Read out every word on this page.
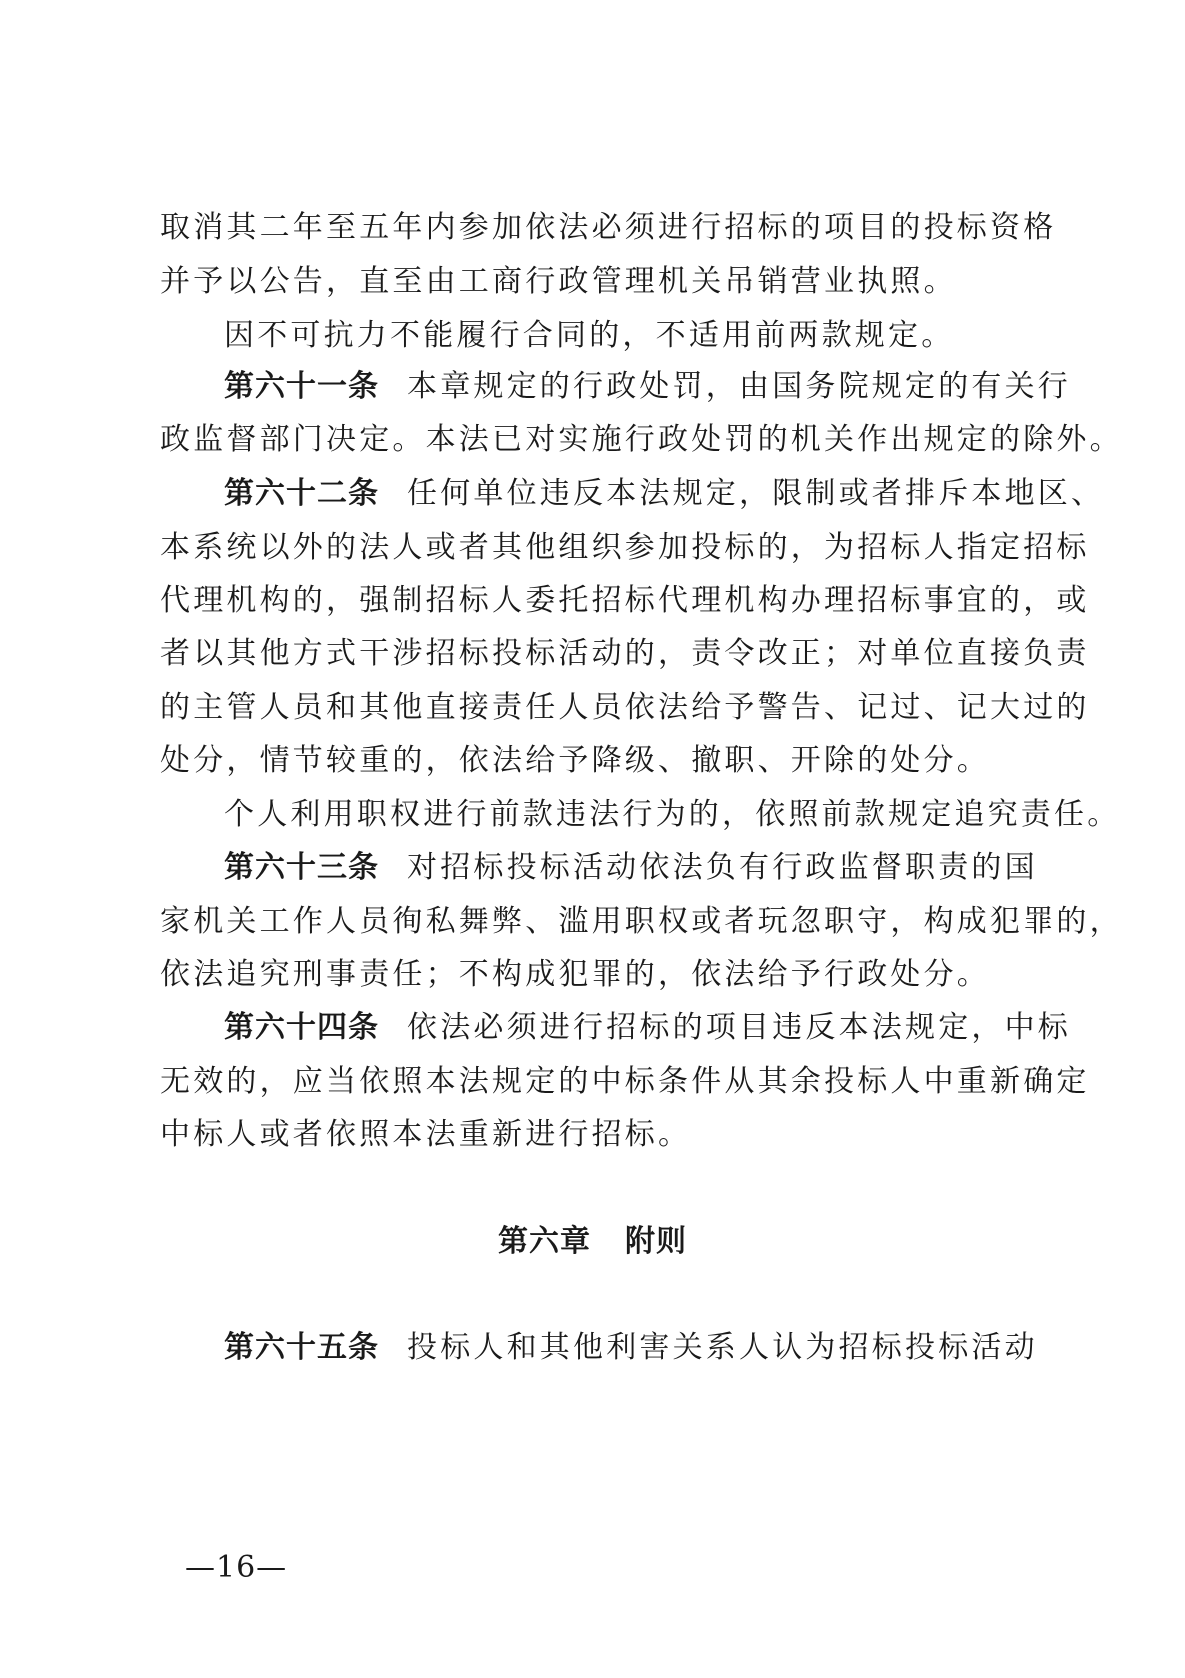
取消其二年至五年内参加依法必须进行招标的项目的投标资格
并予以公告，直至由工商行政管理机关吊销营业执照。
因不可抗力不能履行合同的，不适用前两款规定。
第六十一条 本章规定的行政处罚，由国务院规定的有关行
政监督部门决定。本法已对实施行政处罚的机关作出规定的除外。
第六十二条 任何单位违反本法规定，限制或者排斥本地区、
本系统以外的法人或者其他组织参加投标的，为招标人指定招标
代理机构的，强制招标人委托招标代理机构办理招标事宜的，或
者以其他方式干涉招标投标活动的，责令改正；对单位直接负责
的主管人员和其他直接责任人员依法给予警告、记过、记大过的
处分，情节较重的，依法给予降级、撤职、开除的处分。
个人利用职权进行前款违法行为的，依照前款规定追究责任。
第六十三条 对招标投标活动依法负有行政监督职责的国
家机关工作人员徇私舞弊、滥用职权或者玩忽职守，构成犯罪的，
依法追究刑事责任；不构成犯罪的，依法给予行政处分。
第六十四条 依法必须进行招标的项目违反本法规定，中标
无效的，应当依照本法规定的中标条件从其余投标人中重新确定
中标人或者依照本法重新进行招标。
第六章 附则
第六十五条 投标人和其他利害关系人认为招标投标活动
—16—
